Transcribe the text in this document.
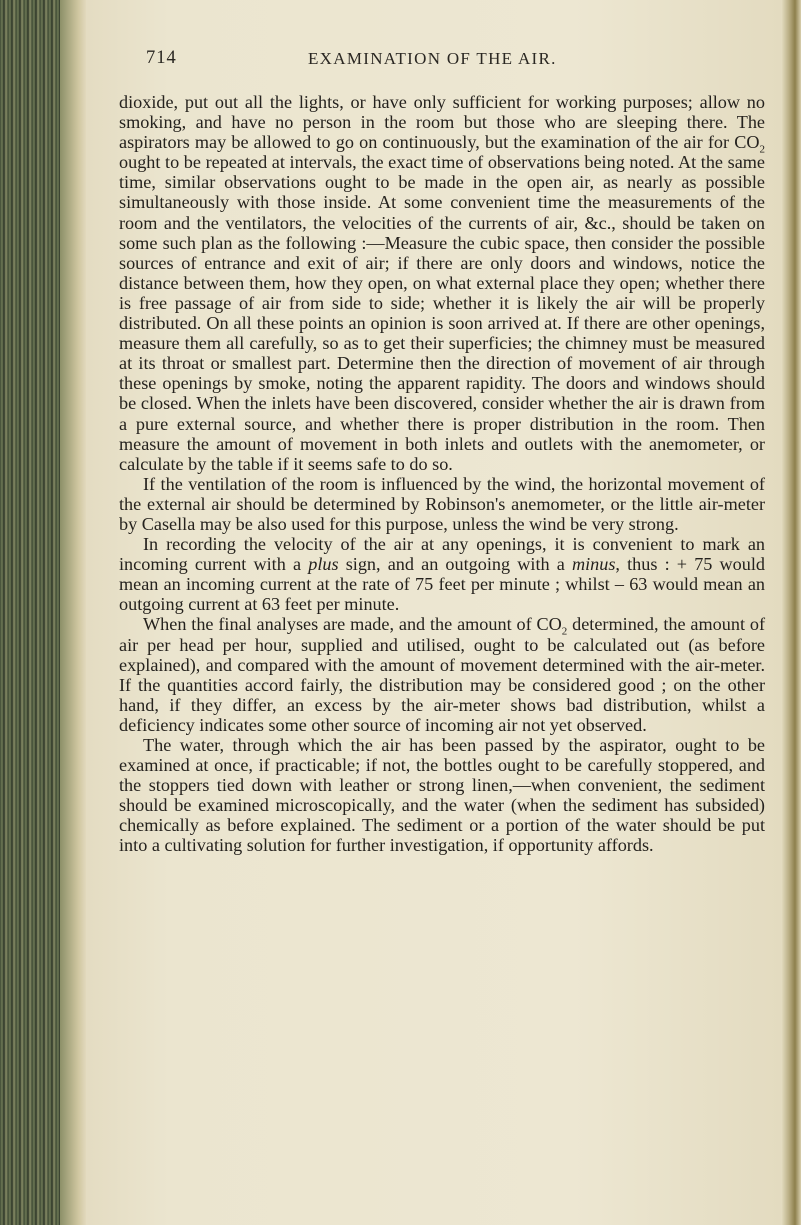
714	EXAMINATION OF THE AIR.

dioxide, put out all the lights, or have only sufficient for working purposes; allow no smoking, and have no person in the room but those who are sleeping there. The aspirators may be allowed to go on continuously, but the examination of the air for $CO_2$ ought to be repeated at intervals, the exact time of observations being noted. At the same time, similar observations ought to be made in the open air, as nearly as possible simultaneously with those inside. At some convenient time the measurements of the room and the ventilators, the velocities of the currents of air, &c., should be taken on some such plan as the following :—Measure the cubic space, then consider the possible sources of entrance and exit of air; if there are only doors and windows, notice the distance between them, how they open, on what external place they open; whether there is free passage of air from side to side; whether it is likely the air will be properly distributed. On all these points an opinion is soon arrived at. If there are other openings, measure them all carefully, so as to get their superficies; the chimney must be measured at its throat or smallest part. Determine then the direction of movement of air through these openings by smoke, noting the apparent rapidity. The doors and windows should be closed. When the inlets have been discovered, consider whether the air is drawn from a pure external source, and whether there is proper distribution in the room. Then measure the amount of movement in both inlets and outlets with the anemometer, or calculate by the table if it seems safe to do so.

If the ventilation of the room is influenced by the wind, the horizontal movement of the external air should be determined by Robinson's anemometer, or the little air-meter by Casella may be also used for this purpose, unless the wind be very strong.

In recording the velocity of the air at any openings, it is convenient to mark an incoming current with a plus sign, and an outgoing with a minus, thus : + 75 would mean an incoming current at the rate of 75 feet per minute ; whilst – 63 would mean an outgoing current at 63 feet per minute.

When the final analyses are made, and the amount of $CO_2$ determined, the amount of air per head per hour, supplied and utilised, ought to be calculated out (as before explained), and compared with the amount of movement determined with the air-meter. If the quantities accord fairly, the distribution may be considered good ; on the other hand, if they differ, an excess by the air-meter shows bad distribution, whilst a deficiency indicates some other source of incoming air not yet observed.

The water, through which the air has been passed by the aspirator, ought to be examined at once, if practicable; if not, the bottles ought to be carefully stoppered, and the stoppers tied down with leather or strong linen,—when convenient, the sediment should be examined microscopically, and the water (when the sediment has subsided) chemically as before explained. The sediment or a portion of the water should be put into a cultivating solution for further investigation, if opportunity affords.
